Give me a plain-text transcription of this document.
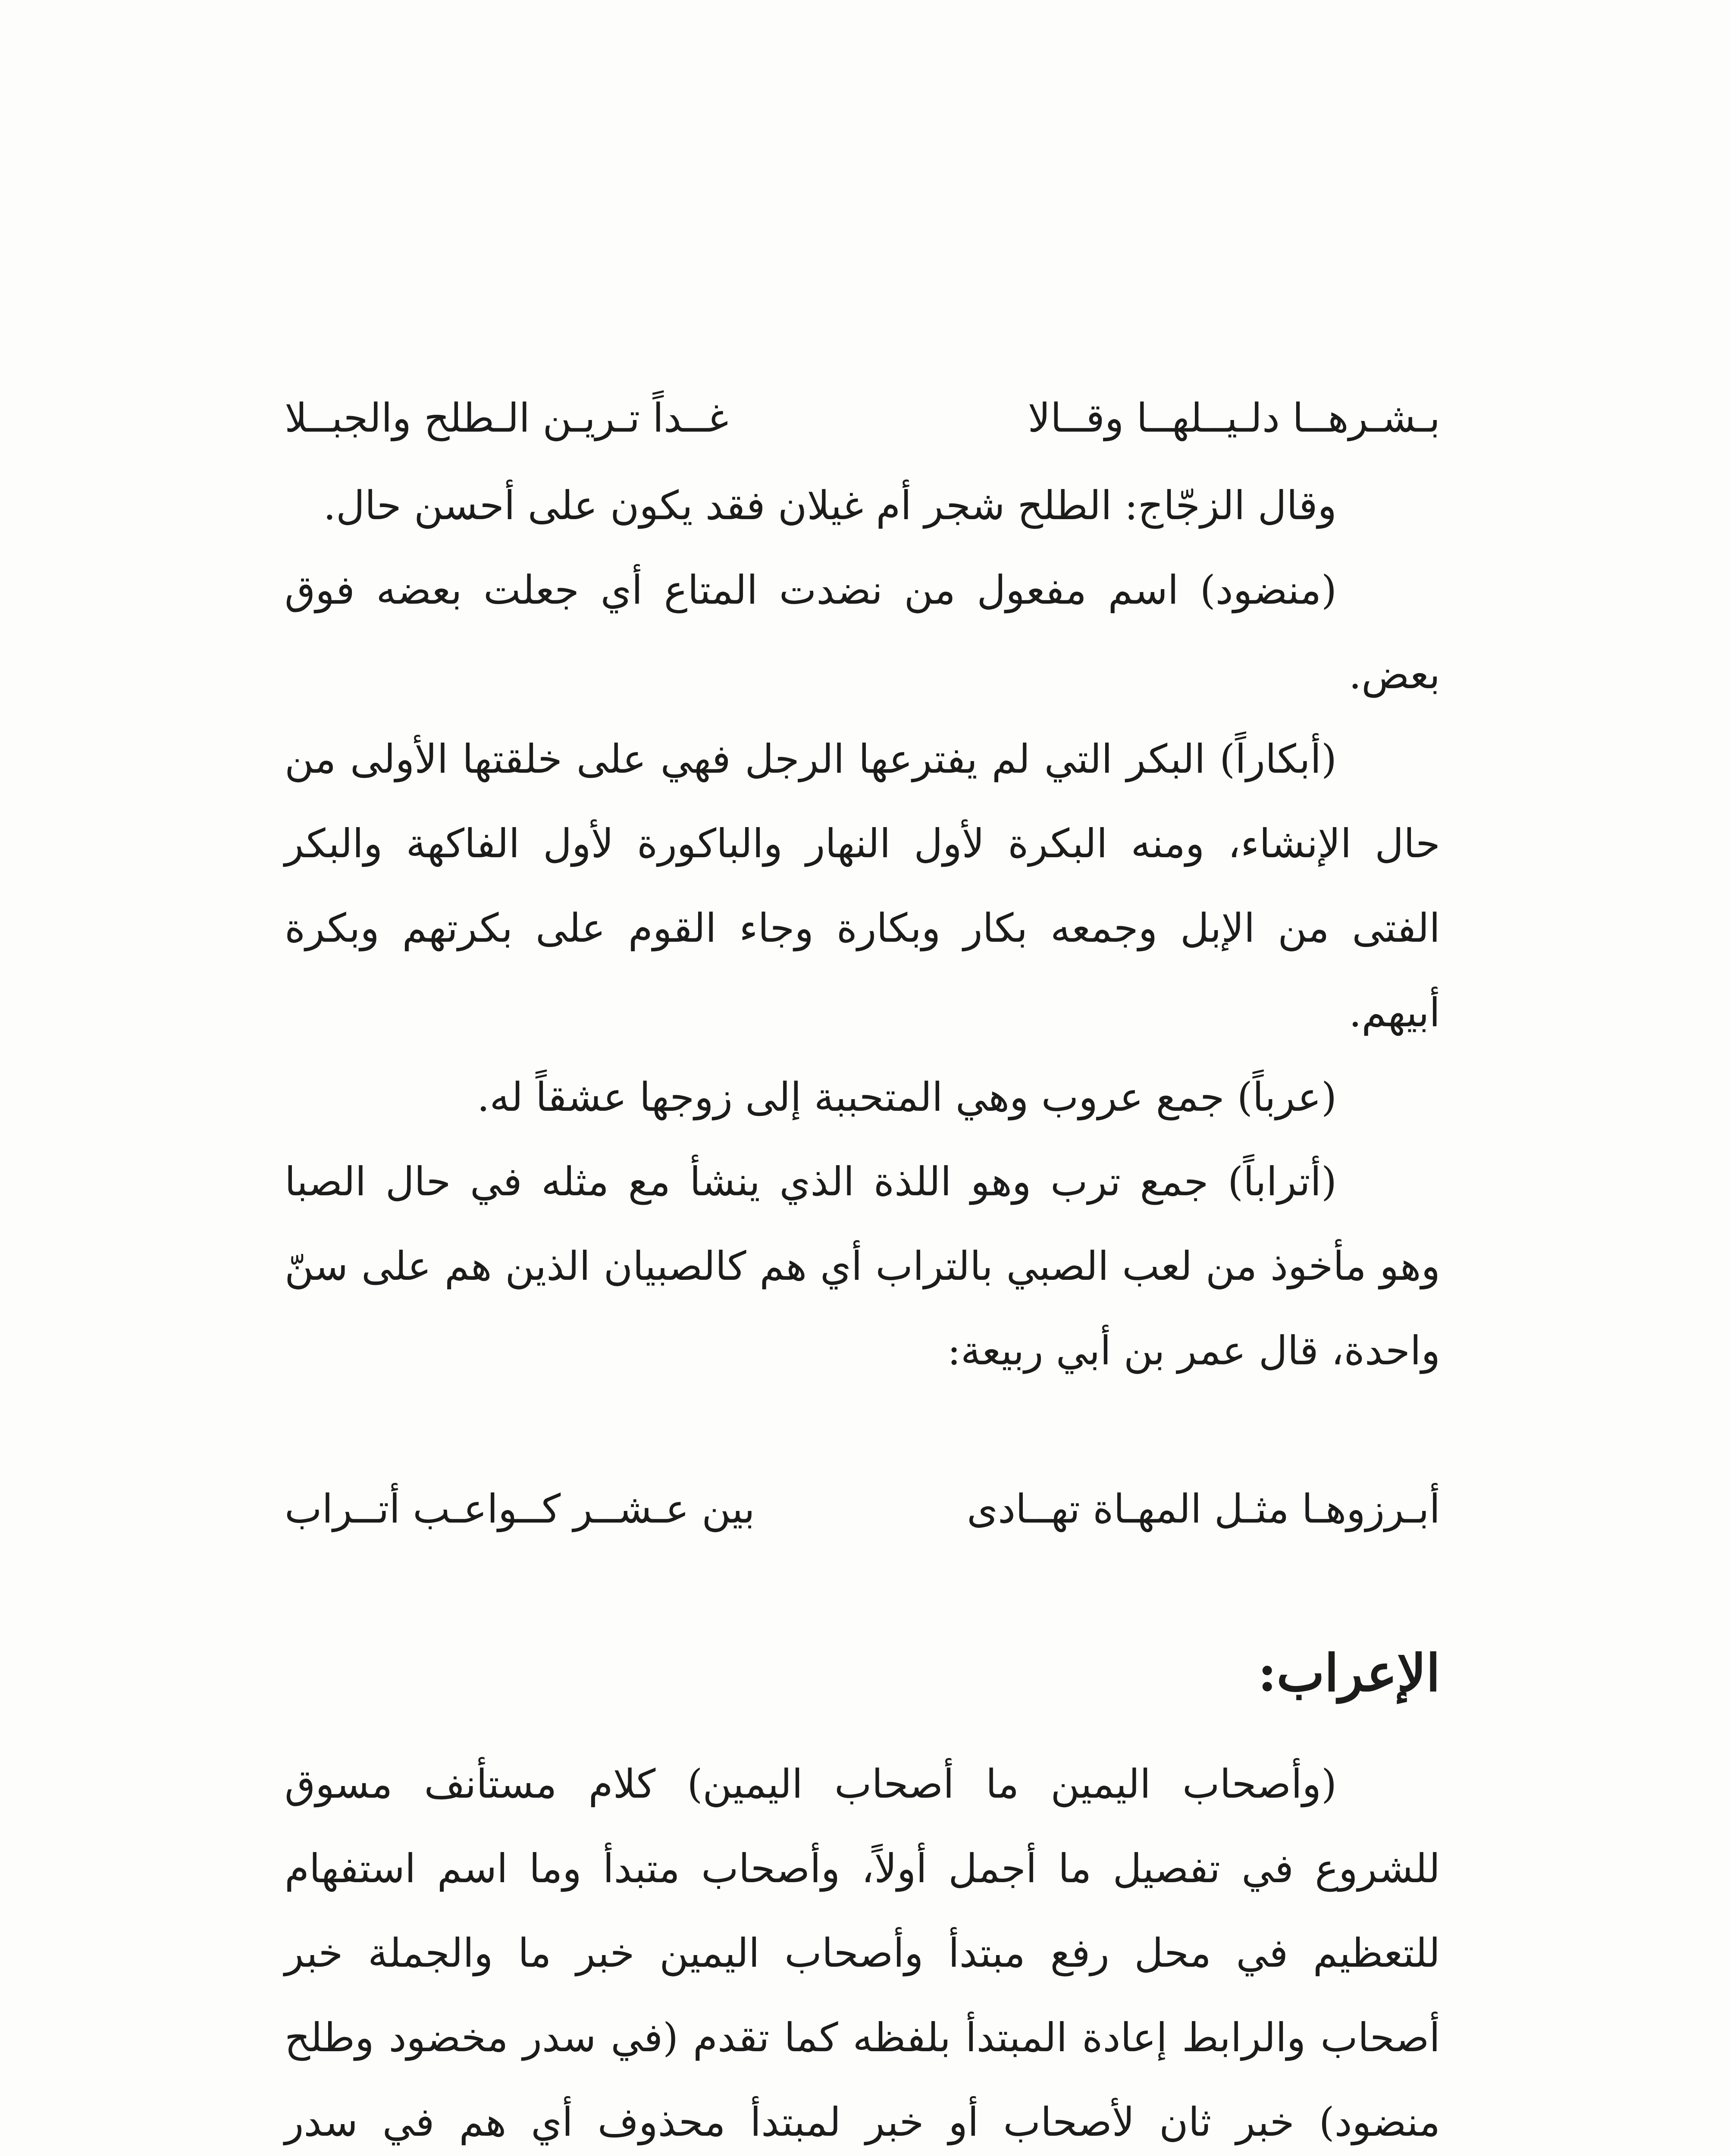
بـشـرهــا دلـيــلهــا وقــالا
غــداً تـريـن الـطلح والجبــلا

وقال الزجّاج: الطلح شجر أم غيلان فقد يكون على أحسن حال.

(منضود) اسم مفعول من نضدت المتاع أي جعلت بعضه فوق بعض.

(أبكاراً) البكر التي لم يفترعها الرجل فهي على خلقتها الأولى من حال الإنشاء، ومنه البكرة لأول النهار والباكورة لأول الفاكهة والبكر الفتى من الإبل وجمعه بكار وبكارة وجاء القوم على بكرتهم وبكرة أبيهم.

(عرباً) جمع عروب وهي المتحببة إلى زوجها عشقاً له.

(أتراباً) جمع ترب وهو اللذة الذي ينشأ مع مثله في حال الصبا وهو مأخوذ من لعب الصبي بالتراب أي هم كالصبيان الذين هم على سنّ واحدة، قال عمر بن أبي ربيعة:

أبـرزوهـا مثـل المهـاة تهــادى
بين عـشــر كــواعـب أتــراب
الإعراب:

(وأصحاب اليمين ما أصحاب اليمين) كلام مستأنف مسوق للشروع في تفصيل ما أجمل أولاً، وأصحاب متبدأ وما اسم استفهام للتعظيم في محل رفع مبتدأ وأصحاب اليمين خبر ما والجملة خبر أصحاب والرابط إعادة المبتدأ بلفظه كما تقدم (في سدر مخضود وطلح منضود) خبر ثان لأصحاب أو خبر لمبتدأ محذوف أي هم في سدر
